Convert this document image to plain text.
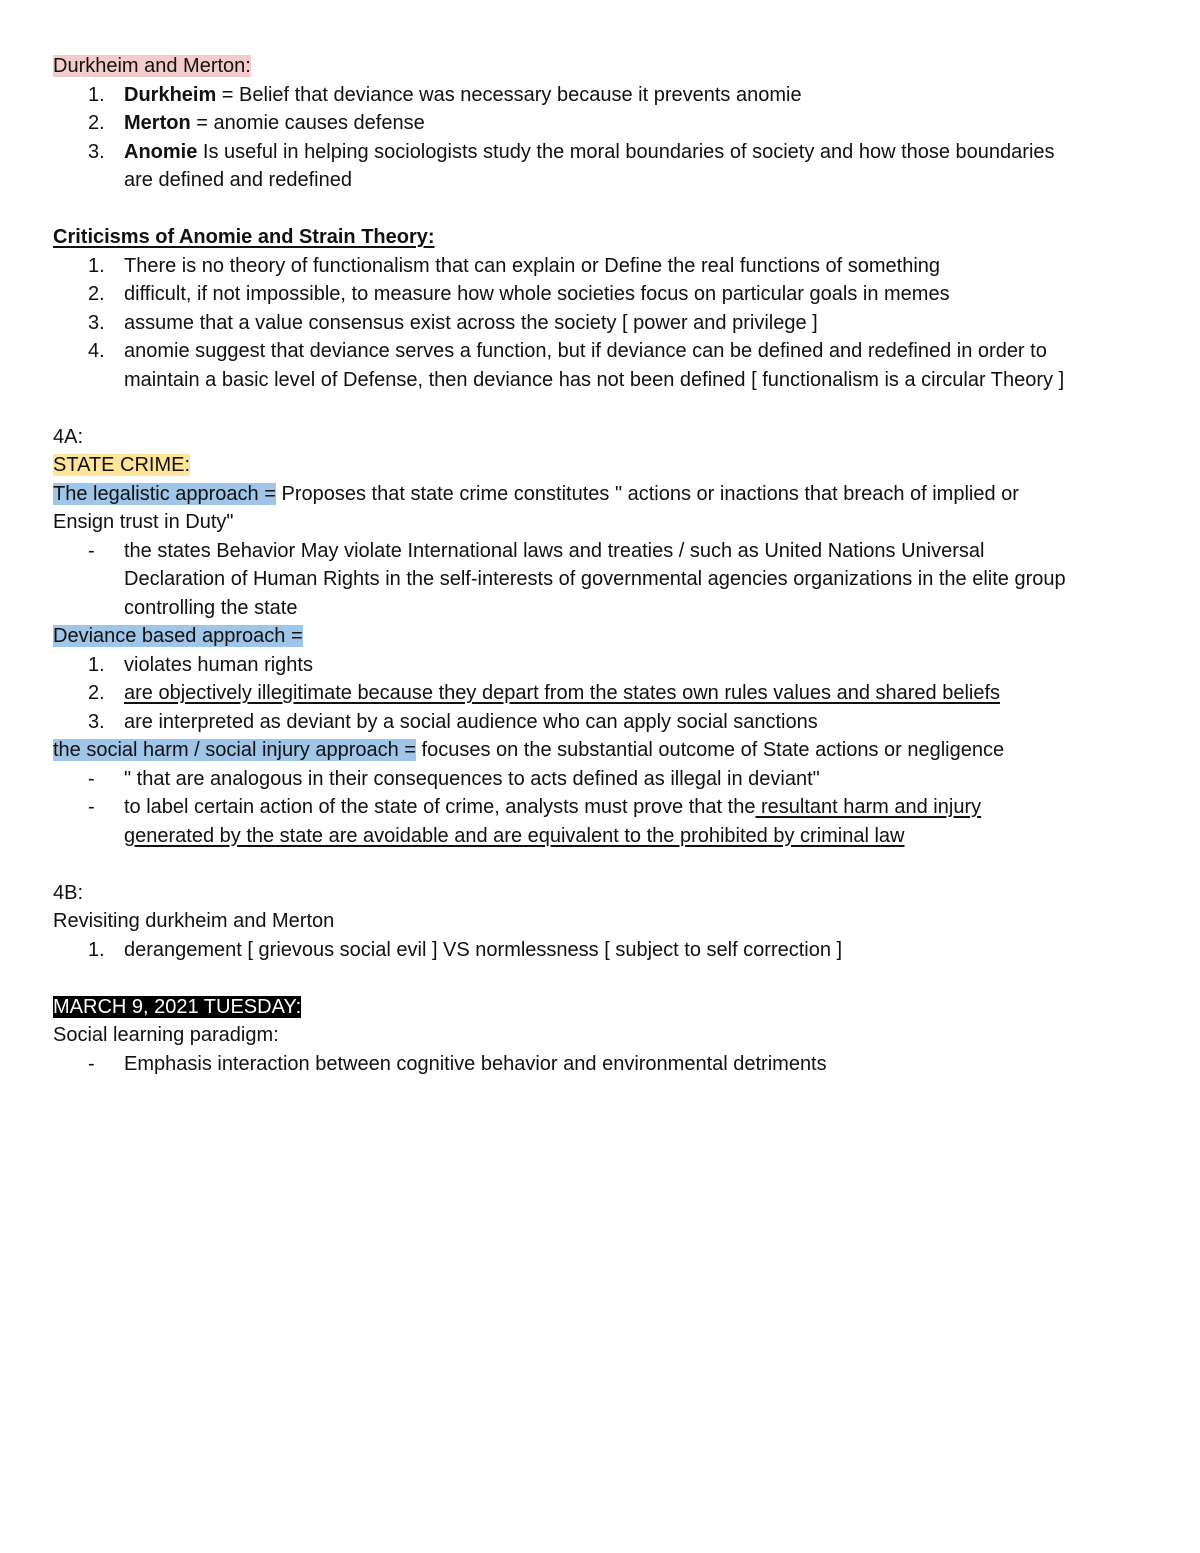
Durkheim and Merton:

1. Durkheim = Belief that deviance was necessary because it prevents anomie
2. Merton = anomie causes defense
3. Anomie Is useful in helping sociologists study the moral boundaries of society and how those boundaries
are defined and redefined

Criticisms of Anomie and Strain Theory:

1. There is no theory of functionalism that can explain or Define the real functions of something
2. difficult, if not impossible, to measure how whole societies focus on particular goals in memes
3. assume that a value consensus exist across the society [ power and privilege ]
4. anomie suggest that deviance serves a function, but if deviance can be defined and redefined in order to
maintain a basic level of Defense, then deviance has not been defined [ functionalism is a circular Theory ]

4A:

STATE CRIME:

The legalistic approach = Proposes that state crime constitutes " actions or inactions that breach of implied or

Ensign trust in Duty"

- the states Behavior May violate International laws and treaties / such as United Nations Universal
Declaration of Human Rights in the self-interests of governmental agencies organizations in the elite group
controlling the state

Deviance based approach =

1. violates human rights
2. are objectively illegitimate because they depart from the states own rules values and shared beliefs
3. are interpreted as deviant by a social audience who can apply social sanctions

the social harm / social injury approach = focuses on the substantial outcome of State actions or negligence

- " that are analogous in their consequences to acts defined as illegal in deviant"
- to label certain action of the state of crime, analysts must prove that the resultant harm and injury
generated by the state are avoidable and are equivalent to the prohibited by criminal law

4B:

Revisiting durkheim and Merton

1. derangement [ grievous social evil ] VS normlessness [ subject to self correction ]

MARCH 9, 2021 TUESDAY:

Social learning paradigm:

- Emphasis interaction between cognitive behavior and environmental detriments
